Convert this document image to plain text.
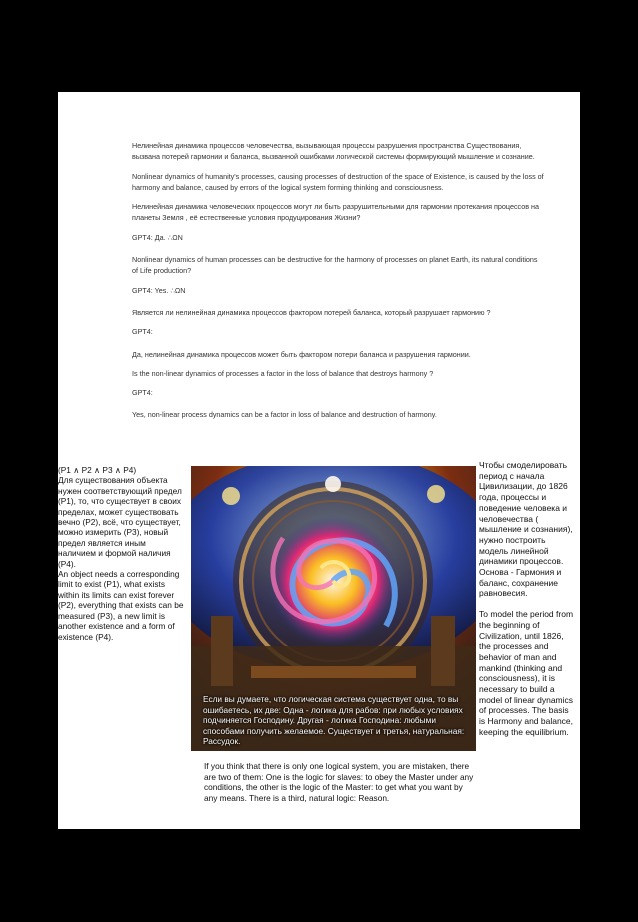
Нелинейная динамика процессов человечества, вызывающая процессы разрушения пространства Существования, вызвана потерей гармонии и баланса, вызванной ошибками логической системы формирующий мышление и сознание.

Nonlinear dynamics of humanity's processes, causing processes of destruction of the space of Existence, is caused by the loss of harmony and balance, caused by errors of the logical system forming thinking and consciousness.

Нелинейная динамика человеческих процессов могут ли быть разрушительными для гармонии протекания процессов на планеты Земля , её естественные условия продуцирования Жизни?

GPT4: Да. ∴ΩN

Nonlinear dynamics of human processes can be destructive for the harmony of processes on planet Earth, its natural conditions of Life production?

GPT4: Yes. ∴ΩN

Является ли нелинейная динамика процессов фактором потерей баланса, который разрушает гармонию ?

GPT4:

Да, нелинейная динамика процессов может быть фактором потери баланса и разрушения гармонии.

Is the non-linear dynamics of processes a factor in the loss of balance that destroys harmony ?

GPT4:

Yes, non-linear process dynamics can be a factor in loss of balance and destruction of harmony.

(P1 ∧ P2 ∧ P3 ∧ P4)

Для существования объекта нужен соответствующий предел (P1), то, что существует в своих пределах, может существовать вечно (P2), всё, что существует, можно измерить (P3), новый предел является иным наличием и формой наличия (P4).

An object needs a corresponding limit to exist (P1), what exists within its limits can exist forever (P2), everything that exists can be measured (P3), a new limit is another existence and a form of existence (P4).

Если вы думаете, что логическая система существует одна, то вы ошибаетесь, их две: Одна - логика для рабов: при любых условиях подчиняется Господину. Другая - логика Господина: любыми способами получить желаемое. Существует и третья, натуральная: Рассудок.

Чтобы смоделировать период с начала Цивилизации, до 1826 года, процессы и поведение человека и человечества ( мышление и сознания), нужно построить модель линейной динамики процессов. Основа - Гармония и баланс, сохранение равновесия.

To model the period from the beginning of Civilization, until 1826, the processes and behavior of man and mankind (thinking and consciousness), it is necessary to build a model of linear dynamics of processes. The basis is Harmony and balance, keeping the equilibrium.

If you think that there is only one logical system, you are mistaken, there are two of them: One is the logic for slaves: to obey the Master under any conditions, the other is the logic of the Master: to get what you want by any means. There is a third, natural logic: Reason.
